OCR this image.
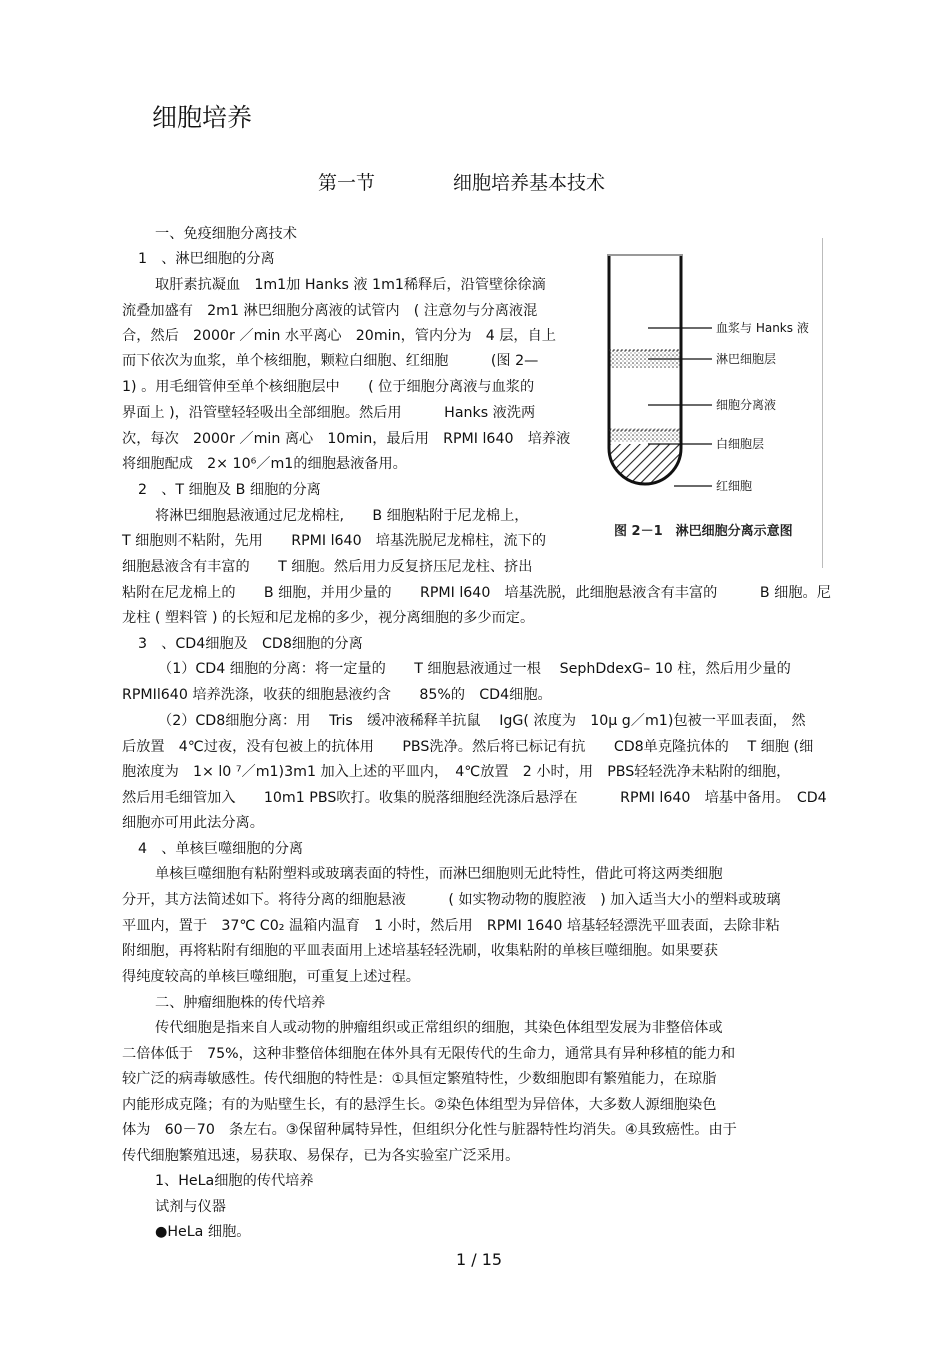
细胞培养
第一节	细胞培养基本技术
一、免疫细胞分离技术
1　、淋巴细胞的分离
取肝素抗凝血　1m1加 Hanks 液 1m1稀释后，沿管壁徐徐滴
流叠加盛有　2m1 淋巴细胞分离液的试管内　( 注意勿与分离液混
合，然后　2000r ／min 水平离心　20min，管内分为　4 层，自上
而下依次为血浆，单个核细胞，颗粒白细胞、红细胞　　　(图 2—
1) 。用毛细管伸至单个核细胞层中　　( 位于细胞分离液与血浆的
界面上 )，沿管壁轻轻吸出全部细胞。然后用　　　Hanks 液洗两
次，每次　2000r ／min 离心　10min，最后用　RPMI l640　培养液
将细胞配成　2× 10⁶／m1的细胞悬液备用。
2　、T 细胞及 B 细胞的分离
将淋巴细胞悬液通过尼龙棉柱,　　B 细胞粘附于尼龙棉上，
T 细胞则不粘附，先用　　RPMI l640　培基洗脱尼龙棉柱，流下的
细胞悬液含有丰富的　　T 细胞。然后用力反复挤压尼龙柱、挤出
粘附在尼龙棉上的　　B 细胞，并用少量的　　RPMI l640　培基洗脱，此细胞悬液含有丰富的　　　B 细胞。尼
龙柱 ( 塑料管 ) 的长短和尼龙棉的多少，视分离细胞的多少而定。
3　、CD4细胞及　CD8细胞的分离
（1）CD4 细胞的分离：将一定量的　　T 细胞悬液通过一根　 SephDdexG– 10 柱，然后用少量的
RPMIl640 培养洗涤，收获的细胞悬液约含　　85%的　CD4细胞。
（2）CD8细胞分离：用　 Tris　缓冲液稀释羊抗鼠　 IgG( 浓度为　10μ g／m1)包被一平皿表面， 然
后放置　4℃过夜，没有包被上的抗体用　　PBS洗净。然后将已标记有抗　　CD8单克隆抗体的　 T 细胞 (细
胞浓度为　1× l0 ⁷／m1)3m1 加入上述的平皿内，　4℃放置　2 小时，用　PBS轻轻洗净未粘附的细胞，
然后用毛细管加入　　10m1 PBS吹打。收集的脱落细胞经洗涤后悬浮在　　　RPMI l640　培基中备用。　CD4
细胞亦可用此法分离。
4　、单核巨噬细胞的分离
单核巨噬细胞有粘附塑料或玻璃表面的特性，而淋巴细胞则无此特性，借此可将这两类细胞
分开，其方法简述如下。将待分离的细胞悬液　　　( 如实物动物的腹腔液　) 加入适当大小的塑料或玻璃
平皿内，置于　37℃ C0₂ 温箱内温育　1 小时，然后用　RPMI 1640 培基轻轻漂洗平皿表面，去除非粘
附细胞，再将粘附有细胞的平皿表面用上述培基轻轻洗刷，收集粘附的单核巨噬细胞。如果要获
得纯度较高的单核巨噬细胞，可重复上述过程。
二、肿瘤细胞株的传代培养
传代细胞是指来自人或动物的肿瘤组织或正常组织的细胞，其染色体组型发展为非整倍体或
二倍体低于　75%，这种非整倍体细胞在体外具有无限传代的生命力，通常具有异种移植的能力和
较广泛的病毒敏感性。传代细胞的特性是：①具恒定繁殖特性，少数细胞即有繁殖能力，在琼脂
内能形成克隆；有的为贴壁生长，有的悬浮生长。②染色体组型为异倍体，大多数人源细胞染色
体为　60－70　条左右。③保留种属特异性，但组织分化性与脏器特性均消失。④具致癌性。由于
传代细胞繁殖迅速，易获取、易保存，已为各实验室广泛采用。
1、HeLa细胞的传代培养
试剂与仪器
●HeLa 细胞。
血浆与 Hanks 液
淋巴细胞层
细胞分离液
白细胞层
红细胞
图 2－1　淋巴细胞分离示意图
1 / 15
